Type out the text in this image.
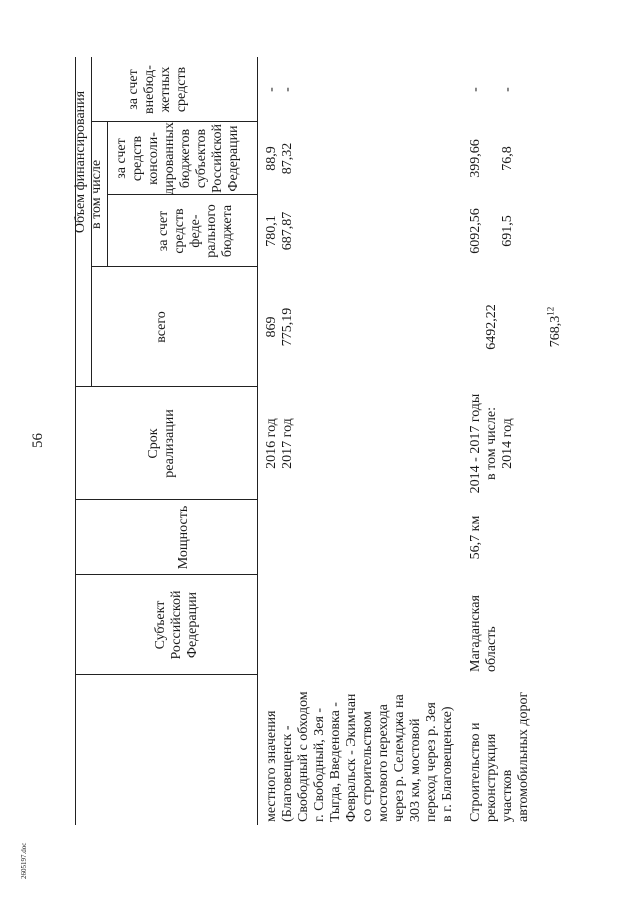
56
2605197.doc
Субъект
Российской
Федерации
Мощность
Срок
реализации
Объем финансирования
всего
в том числе
за счет
средств
феде-
рального
бюджета
за счет
средств
консоли-
дированных
бюджетов
субъектов
Российской
Федерации
за счет
внебюд-
жетных
средств
местного значения
(Благовещенск -
Свободный с обходом
г. Свободный, Зея -
Тыгда, Введеновка -
Февральск - Экимчан
со строительством
мостового перехода
через р. Селемджа на
303 км, мостовой
переход через р. Зея
в г. Благовещенске)
2016 год
2017 год
869
775,19
780,1
687,87
88,9
87,32
-
-
Строительство и
реконструкция
участков
автомобильных дорог
Магаданская
область
56,7 км
2014 - 2017 годы
в том числе:
2014 год

6492,22	768,3$^{12}$

6092,56

691,5
399,66

76,8
-

-
